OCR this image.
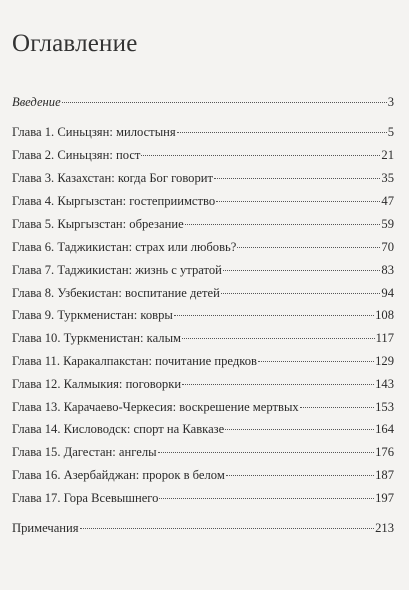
Оглавление
Введение	3
Глава 1. Синьцзян: милостыня	5
Глава 2. Синьцзян: пост	21
Глава 3. Казахстан: когда Бог говорит	35
Глава 4. Кыргызстан: гостеприимство	47
Глава 5. Кыргызстан: обрезание	59
Глава 6. Таджикистан: страх или любовь?	70
Глава 7. Таджикистан: жизнь с утратой	83
Глава 8. Узбекистан: воспитание детей	94
Глава 9. Туркменистан: ковры	108
Глава 10. Туркменистан: калым	117
Глава 11. Каракалпакстан: почитание предков	129
Глава 12. Калмыкия: поговорки	143
Глава 13. Карачаево-Черкесия: воскрешение мертвых	153
Глава 14. Кисловодск: спорт на Кавказе	164
Глава 15. Дагестан: ангелы	176
Глава 16. Азербайджан: пророк в белом	187
Глава 17. Гора Всевышнего	197
Примечания	213
